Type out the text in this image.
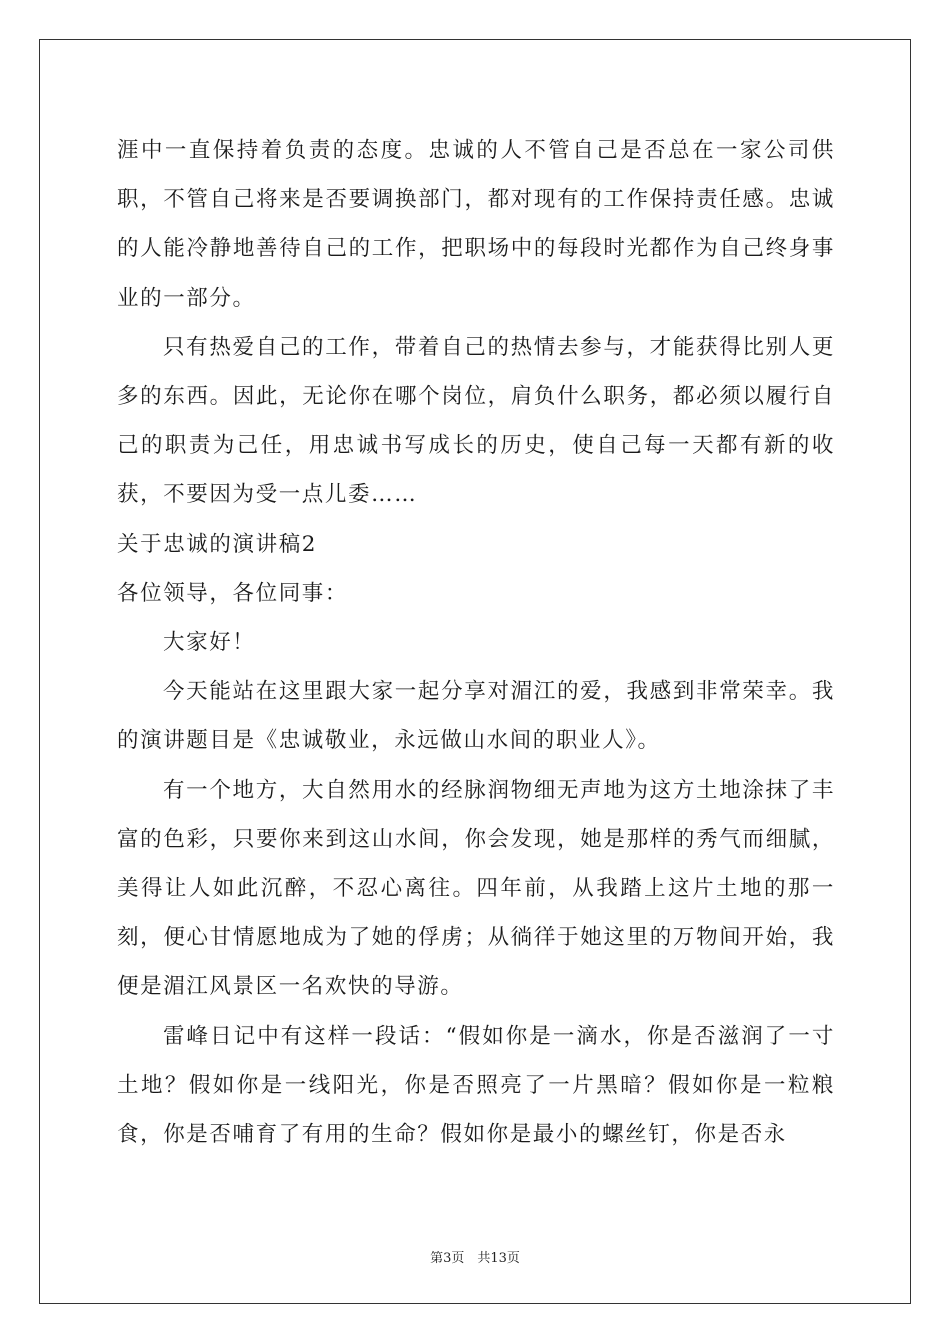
涯中一直保持着负责的态度。忠诚的人不管自己是否总在一家公司供职，不管自己将来是否要调换部门，都对现有的工作保持责任感。忠诚的人能冷静地善待自己的工作，把职场中的每段时光都作为自己终身事业的一部分。

只有热爱自己的工作，带着自己的热情去参与，才能获得比别人更多的东西。因此，无论你在哪个岗位，肩负什么职务，都必须以履行自己的职责为己任，用忠诚书写成长的历史，使自己每一天都有新的收获，不要因为受一点儿委……

关于忠诚的演讲稿2

各位领导，各位同事：

大家好！

今天能站在这里跟大家一起分享对湄江的爱，我感到非常荣幸。我的演讲题目是《忠诚敬业，永远做山水间的职业人》。

有一个地方，大自然用水的经脉润物细无声地为这方土地涂抹了丰富的色彩，只要你来到这山水间，你会发现，她是那样的秀气而细腻，美得让人如此沉醉，不忍心离往。四年前，从我踏上这片土地的那一刻，便心甘情愿地成为了她的俘虏；从徜徉于她这里的万物间开始，我便是湄江风景区一名欢快的导游。

雷峰日记中有这样一段话：“假如你是一滴水，你是否滋润了一寸土地？假如你是一线阳光，你是否照亮了一片黑暗？假如你是一粒粮食，你是否哺育了有用的生命？假如你是最小的螺丝钉，你是否永

第3页　共13页
